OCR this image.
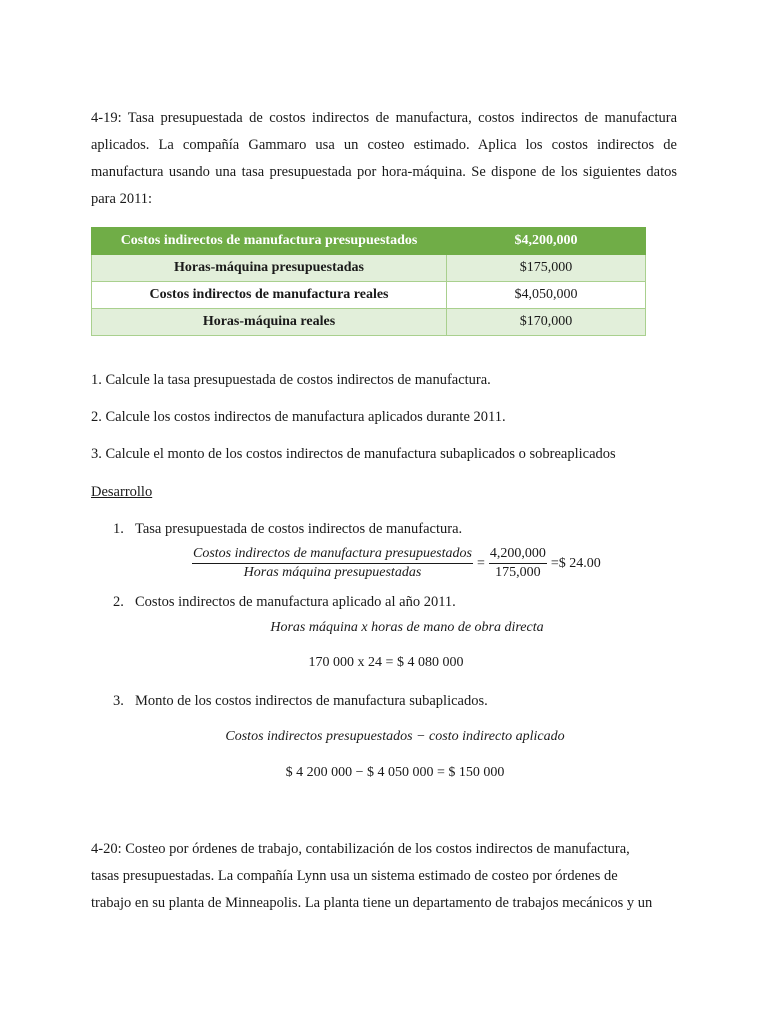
4-19: Tasa presupuestada de costos indirectos de manufactura, costos indirectos de manufactura aplicados. La compañía Gammaro usa un costeo estimado. Aplica los costos indirectos de manufactura usando una tasa presupuestada por hora-máquina. Se dispone de los siguientes datos para 2011:

Costos indirectos de manufactura presupuestados	$4,200,000
Horas-máquina presupuestadas	$175,000
Costos indirectos de manufactura reales	$4,050,000
Horas-máquina reales	$170,000

1. Calcule la tasa presupuestada de costos indirectos de manufactura.

2. Calcule los costos indirectos de manufactura aplicados durante 2011.

3. Calcule el monto de los costos indirectos de manufactura subaplicados o sobreaplicados

Desarrollo

1. Tasa presupuestada de costos indirectos de manufactura.

$\frac{\text{Costos indirectos de manufactura presupuestados}}{\text{Horas máquina presupuestadas}} = \frac{4,200,000}{175,000}$ =$ 24.00

2. Costos indirectos de manufactura aplicado al año 2011.

Horas máquina x horas de mano de obra directa

170 000 x 24 = $ 4 080 000

3. Monto de los costos indirectos de manufactura subaplicados.

Costos indirectos presupuestados − costo indirecto aplicado

$ 4 200 000 − $ 4 050 000 = $ 150 000

4-20: Costeo por órdenes de trabajo, contabilización de los costos indirectos de manufactura, tasas presupuestadas. La compañía Lynn usa un sistema estimado de costeo por órdenes de trabajo en su planta de Minneapolis. La planta tiene un departamento de trabajos mecánicos y un
